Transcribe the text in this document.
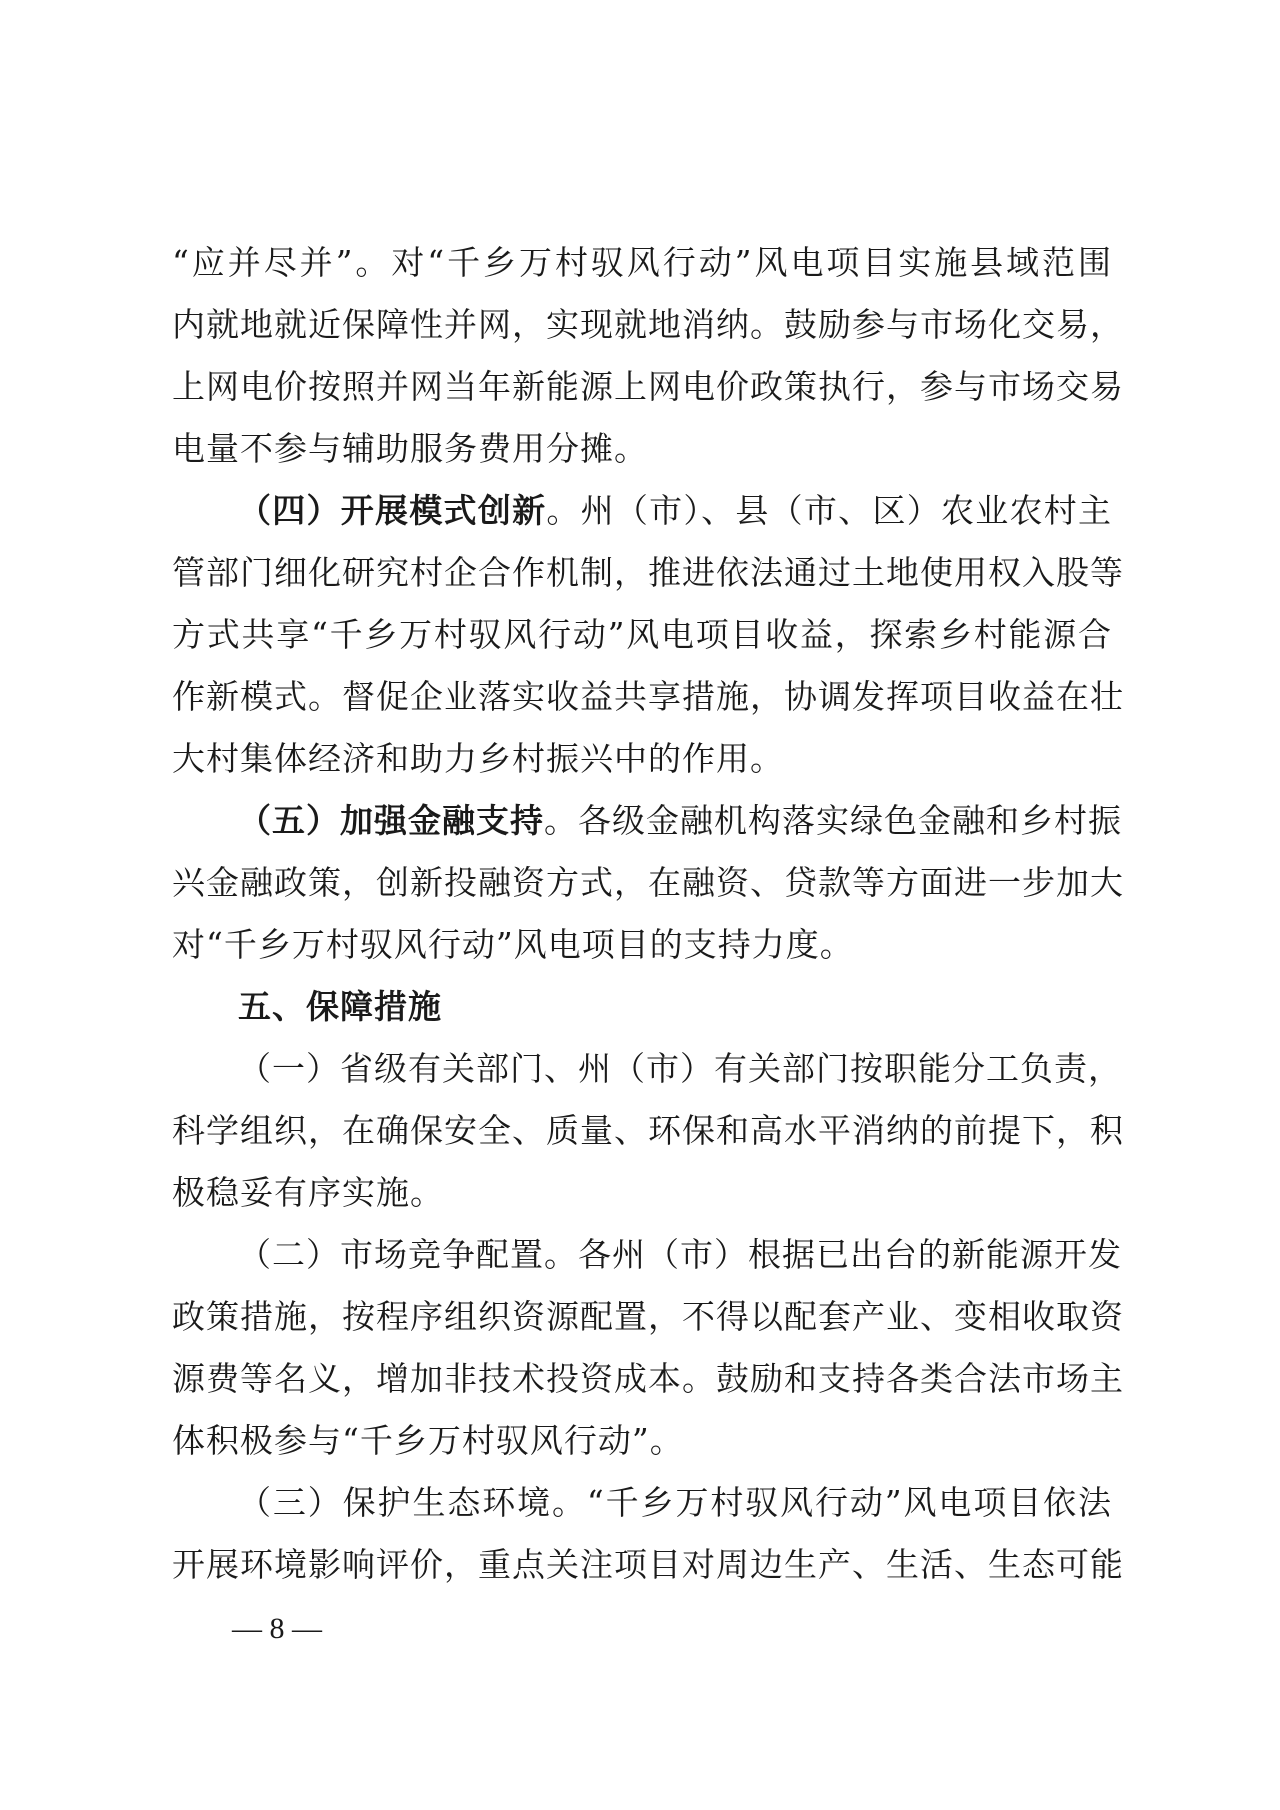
“应并尽并”。对“千乡万村驭风行动”风电项目实施县域范围
内就地就近保障性并网，实现就地消纳。鼓励参与市场化交易，
上网电价按照并网当年新能源上网电价政策执行，参与市场交易
电量不参与辅助服务费用分摊。
（四）开展模式创新。州（市）、县（市、区）农业农村主
管部门细化研究村企合作机制，推进依法通过土地使用权入股等
方式共享“千乡万村驭风行动”风电项目收益，探索乡村能源合
作新模式。督促企业落实收益共享措施，协调发挥项目收益在壮
大村集体经济和助力乡村振兴中的作用。
（五）加强金融支持。各级金融机构落实绿色金融和乡村振
兴金融政策，创新投融资方式，在融资、贷款等方面进一步加大
对“千乡万村驭风行动”风电项目的支持力度。
五、保障措施
（一）省级有关部门、州（市）有关部门按职能分工负责，
科学组织，在确保安全、质量、环保和高水平消纳的前提下，积
极稳妥有序实施。
（二）市场竞争配置。各州（市）根据已出台的新能源开发
政策措施，按程序组织资源配置，不得以配套产业、变相收取资
源费等名义，增加非技术投资成本。鼓励和支持各类合法市场主
体积极参与“千乡万村驭风行动”。
（三）保护生态环境。“千乡万村驭风行动”风电项目依法
开展环境影响评价，重点关注项目对周边生产、生活、生态可能
— 8 —
